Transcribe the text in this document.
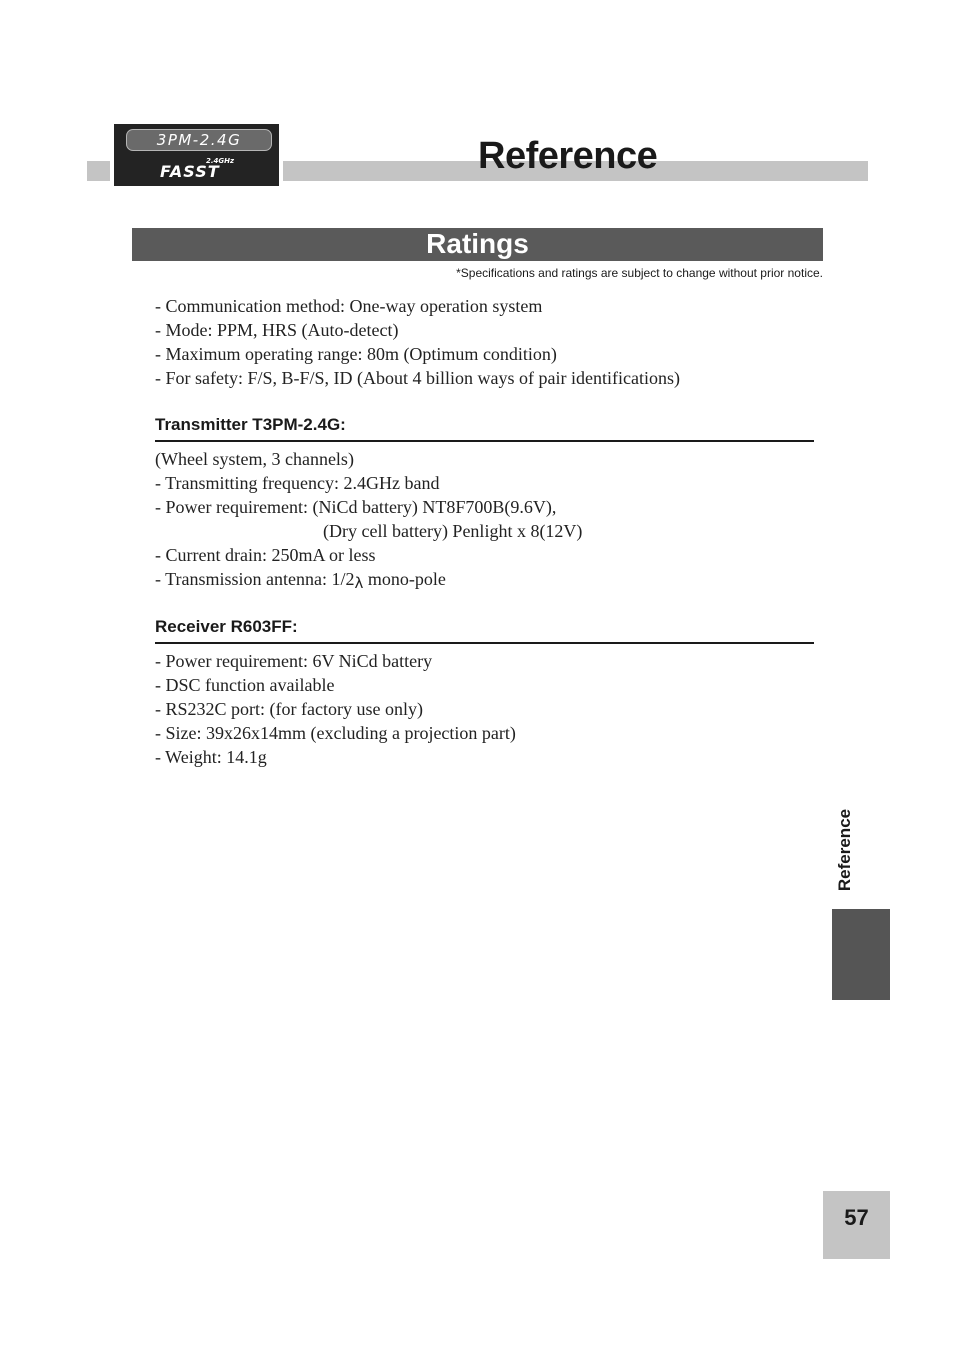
3PM-2.4G
2.4GHz
FASST	Reference
Ratings
*Specifications and ratings are subject to change without prior notice.
- Communication method: One-way operation system
- Mode: PPM, HRS (Auto-detect)
- Maximum operating range: 80m (Optimum condition)
- For safety: F/S, B-F/S, ID (About 4 billion ways of pair identifications)
Transmitter T3PM-2.4G:
(Wheel system, 3 channels)
- Transmitting frequency: 2.4GHz band
- Power requirement: (NiCd battery) NT8F700B(9.6V),
(Dry cell battery) Penlight x 8(12V)
- Current drain: 250mA or less
- Transmission antenna: 1/2λ mono-pole
Receiver R603FF:
- Power requirement: 6V NiCd battery
- DSC function available
- RS232C port: (for factory use only)
- Size: 39x26x14mm (excluding a projection part)
- Weight: 14.1g
Reference
57
